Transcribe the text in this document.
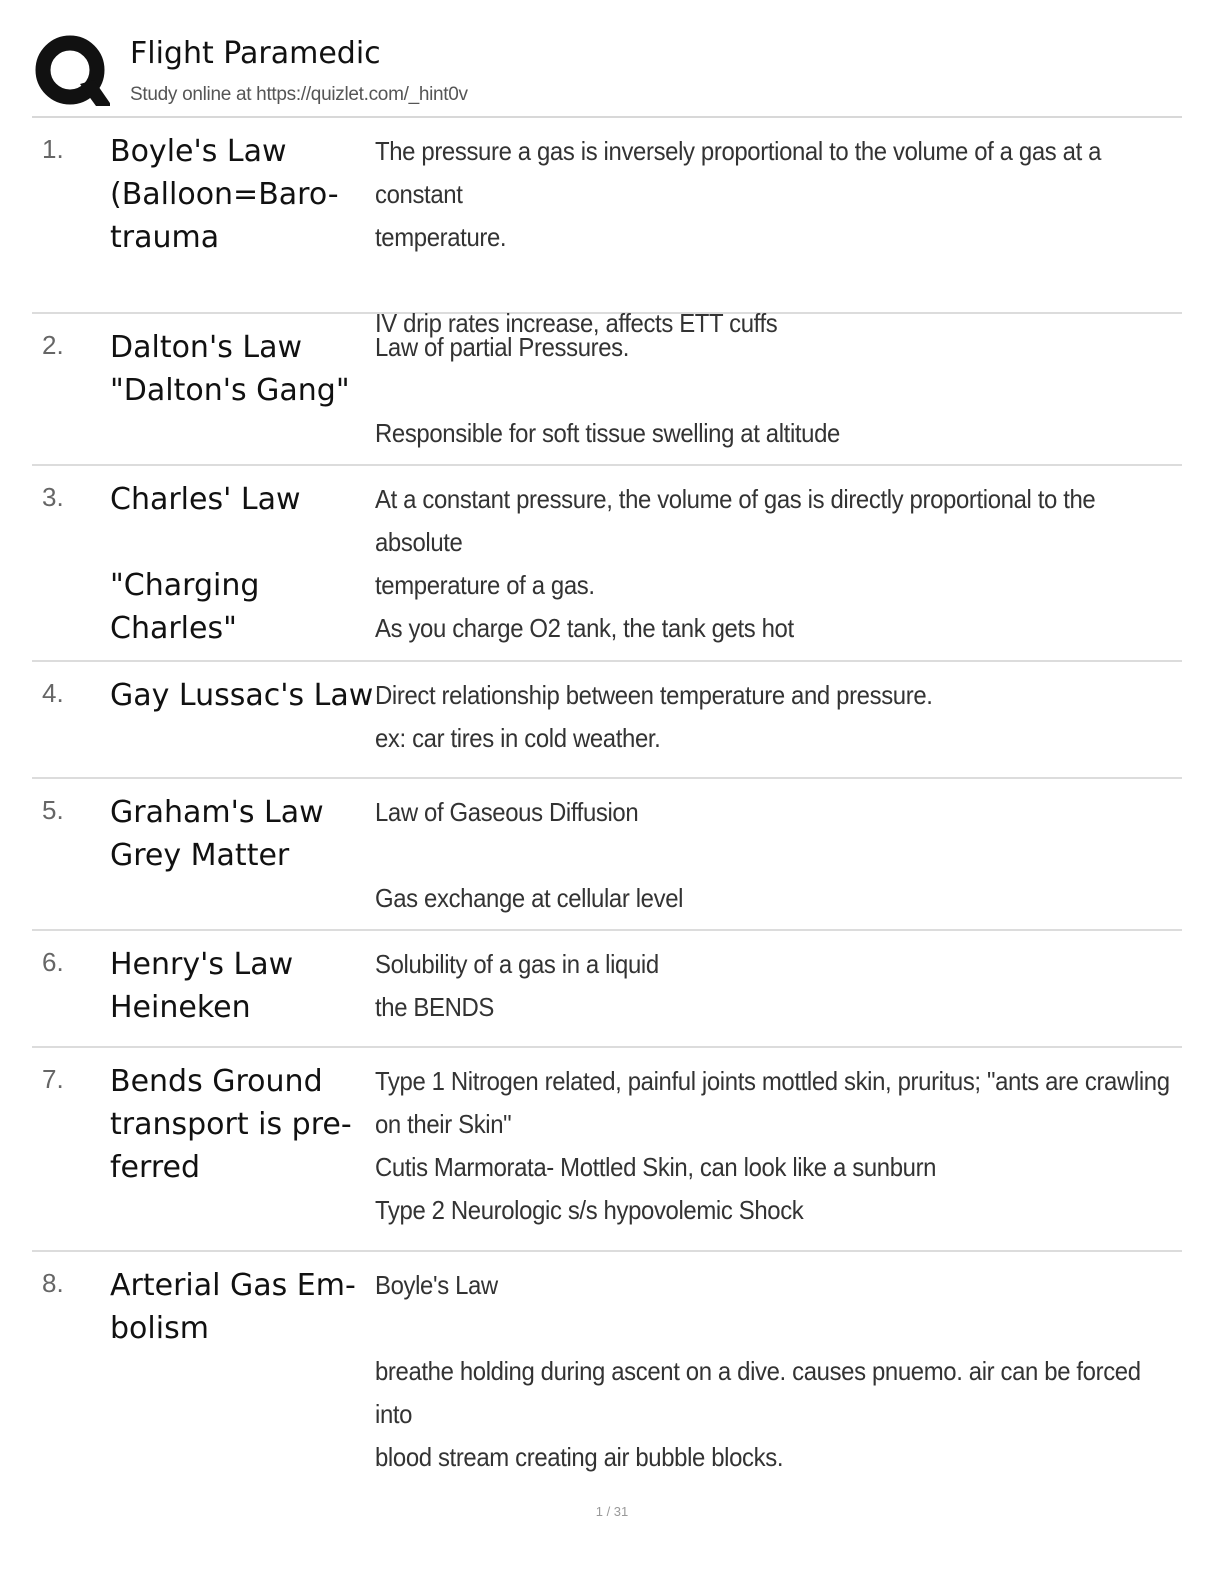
Flight Paramedic
Study online at https://quizlet.com/_hint0v
1. Boyle's Law
(Balloon=Baro-
trauma
The pressure a gas is inversely proportional to the volume of a gas at a constant
temperature.

IV drip rates increase, affects ETT cuffs
2. Dalton's Law
"Dalton's Gang"
Law of partial Pressures.

Responsible for soft tissue swelling at altitude
3. Charles' Law

"Charging
Charles"
At a constant pressure, the volume of gas is directly proportional to the absolute
temperature of a gas.
As you charge O2 tank, the tank gets hot
4. Gay Lussac's Law Direct relationship between temperature and pressure.
ex: car tires in cold weather.
5. Graham's Law
Grey Matter
Law of Gaseous Diffusion

Gas exchange at cellular level
6. Henry's Law
Heineken
Solubility of a gas in a liquid
the BENDS
7. Bends Ground
transport is pre-
ferred
Type 1 Nitrogen related, painful joints mottled skin, pruritus; "ants are crawling
on their Skin"
Cutis Marmorata- Mottled Skin, can look like a sunburn
Type 2 Neurologic s/s hypovolemic Shock
8. Arterial Gas Em-
bolism
Boyle's Law

breathe holding during ascent on a dive. causes pnuemo. air can be forced into
blood stream creating air bubble blocks.
1 / 31
